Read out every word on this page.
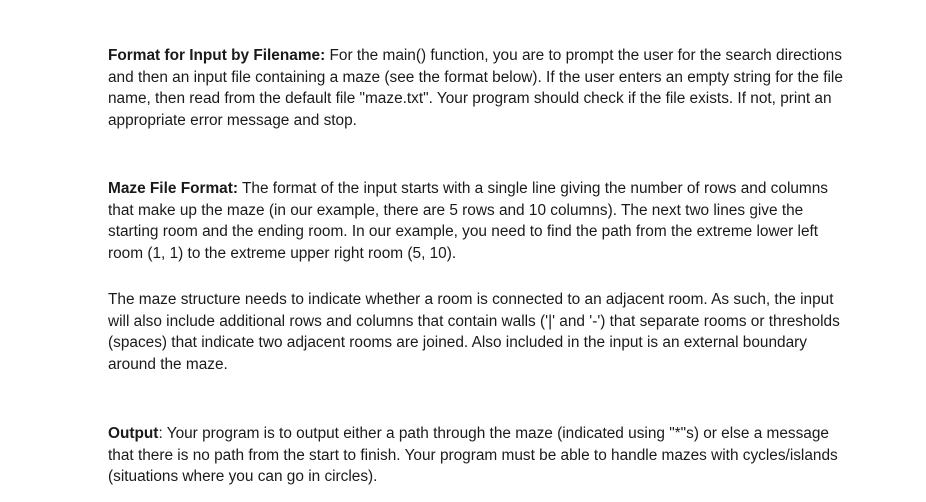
Format for Input by Filename: For the main() function, you are to prompt the user for the search directions and then an input file containing a maze (see the format below). If the user enters an empty string for the file name, then read from the default file "maze.txt". Your program should check if the file exists. If not, print an appropriate error message and stop.

Maze File Format: The format of the input starts with a single line giving the number of rows and columns that make up the maze (in our example, there are 5 rows and 10 columns). The next two lines give the starting room and the ending room. In our example, you need to find the path from the extreme lower left room (1, 1) to the extreme upper right room (5, 10).

The maze structure needs to indicate whether a room is connected to an adjacent room. As such, the input will also include additional rows and columns that contain walls ('|' and '-') that separate rooms or thresholds (spaces) that indicate two adjacent rooms are joined. Also included in the input is an external boundary around the maze.

Output: Your program is to output either a path through the maze (indicated using "*"s) or else a message that there is no path from the start to finish. Your program must be able to handle mazes with cycles/islands (situations where you can go in circles).
